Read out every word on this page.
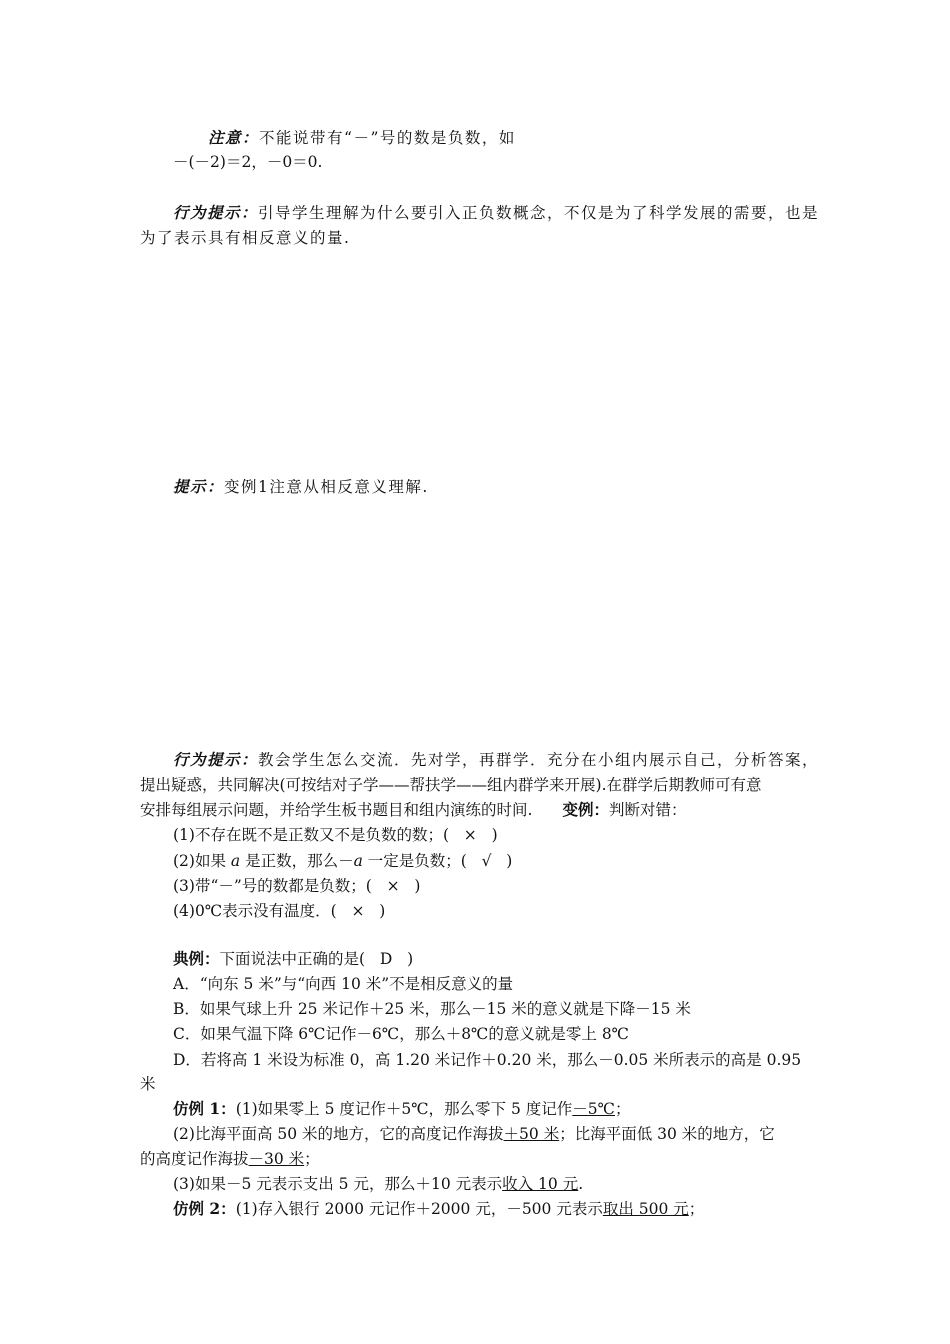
注意：不能说带有“－”号的数是负数，如
－(－2)＝2，－0＝0.
行为提示：引导学生理解为什么要引入正负数概念，不仅是为了科学发展的需要，也是
为了表示具有相反意义的量.
提示：变例1注意从相反意义理解.
行为提示：教会学生怎么交流．先对学，再群学．充分在小组内展示自己，分析答案，
提出疑惑，共同解决(可按结对子学——帮扶学——组内群学来开展).在群学后期教师可有意
安排每组展示问题，并给学生板书题目和组内演练的时间. 变例：判断对错：
(1)不存在既不是正数又不是负数的数；( × )
(2)如果 a 是正数，那么－a 一定是负数；( √ )
(3)带“－”号的数都是负数；( × )
(4)0℃表示没有温度．( × )
典例：下面说法中正确的是( D )
A．“向东 5 米”与“向西 10 米”不是相反意义的量
B．如果气球上升 25 米记作＋25 米，那么－15 米的意义就是下降－15 米
C．如果气温下降 6℃记作－6℃，那么＋8℃的意义就是零上 8℃
D．若将高 1 米设为标准 0，高 1.20 米记作＋0.20 米，那么－0.05 米所表示的高是 0.95
米
仿例 1：(1)如果零上 5 度记作＋5℃，那么零下 5 度记作－5℃；
(2)比海平面高 50 米的地方，它的高度记作海拔＋50 米；比海平面低 30 米的地方，它
的高度记作海拔－30 米；
(3)如果－5 元表示支出 5 元，那么＋10 元表示收入 10 元.
仿例 2：(1)存入银行 2000 元记作＋2000 元，－500 元表示取出 500 元；
